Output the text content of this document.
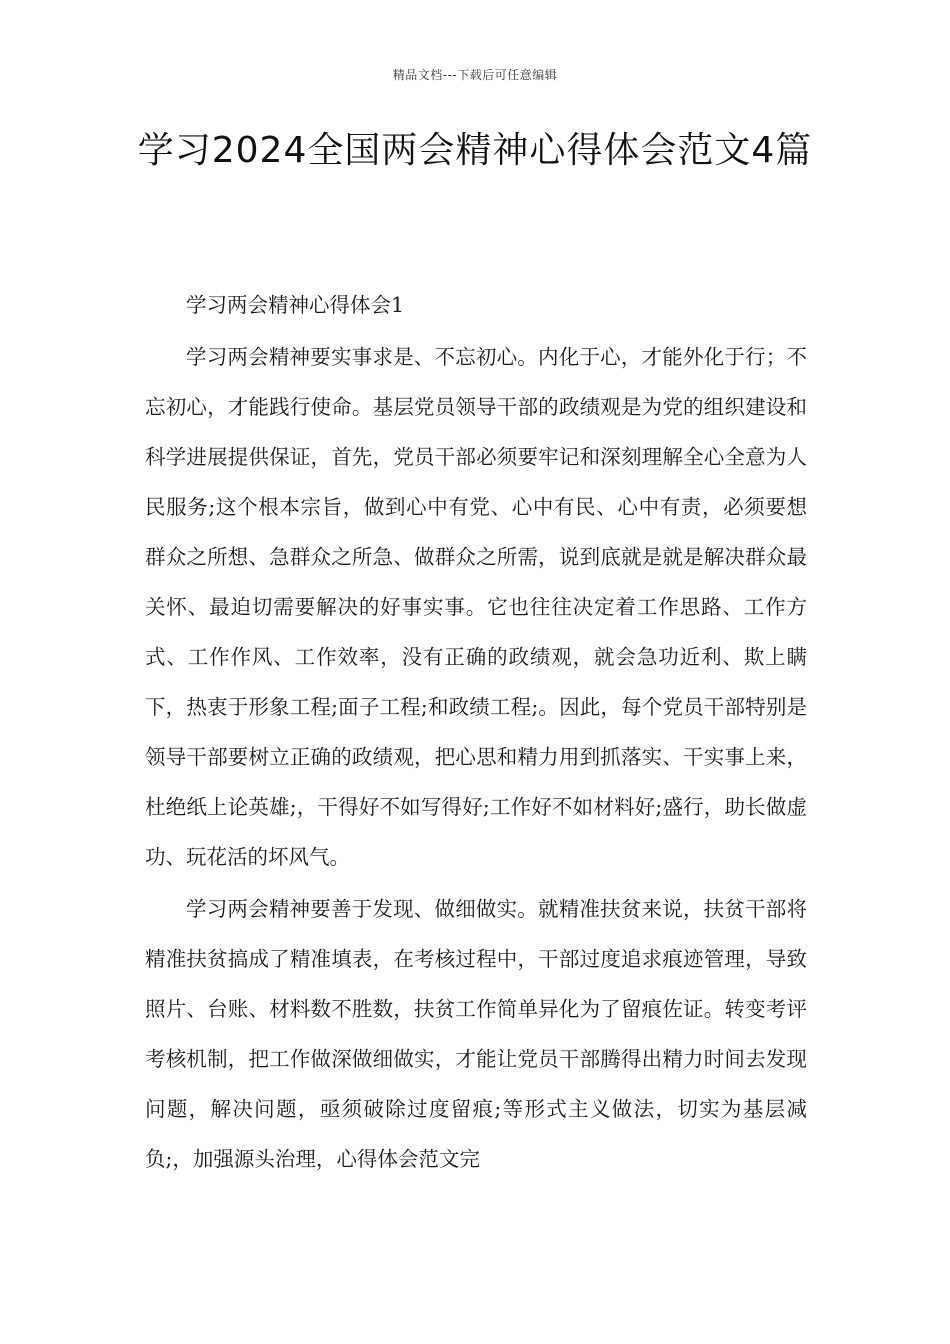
精品文档---下载后可任意编辑
学习2024全国两会精神心得体会范文4篇

学习两会精神心得体会1

学习两会精神要实事求是、不忘初心。内化于心，才能外化于行；不忘初心，才能践行使命。基层党员领导干部的政绩观是为党的组织建设和科学进展提供保证，首先，党员干部必须要牢记和深刻理解全心全意为人民服务;这个根本宗旨，做到心中有党、心中有民、心中有责，必须要想群众之所想、急群众之所急、做群众之所需，说到底就是就是解决群众最关怀、最迫切需要解决的好事实事。它也往往决定着工作思路、工作方式、工作作风、工作效率，没有正确的政绩观，就会急功近利、欺上瞒下，热衷于形象工程;面子工程;和政绩工程;。因此，每个党员干部特别是领导干部要树立正确的政绩观，把心思和精力用到抓落实、干实事上来，杜绝纸上论英雄;，干得好不如写得好;工作好不如材料好;盛行，助长做虚功、玩花活的坏风气。

学习两会精神要善于发现、做细做实。就精准扶贫来说，扶贫干部将精准扶贫搞成了精准填表，在考核过程中，干部过度追求痕迹管理，导致照片、台账、材料数不胜数，扶贫工作简单异化为了留痕佐证。转变考评考核机制，把工作做深做细做实，才能让党员干部腾得出精力时间去发现问题，解决问题，亟须破除过度留痕;等形式主义做法，切实为基层减负;，加强源头治理，心得体会范文完
